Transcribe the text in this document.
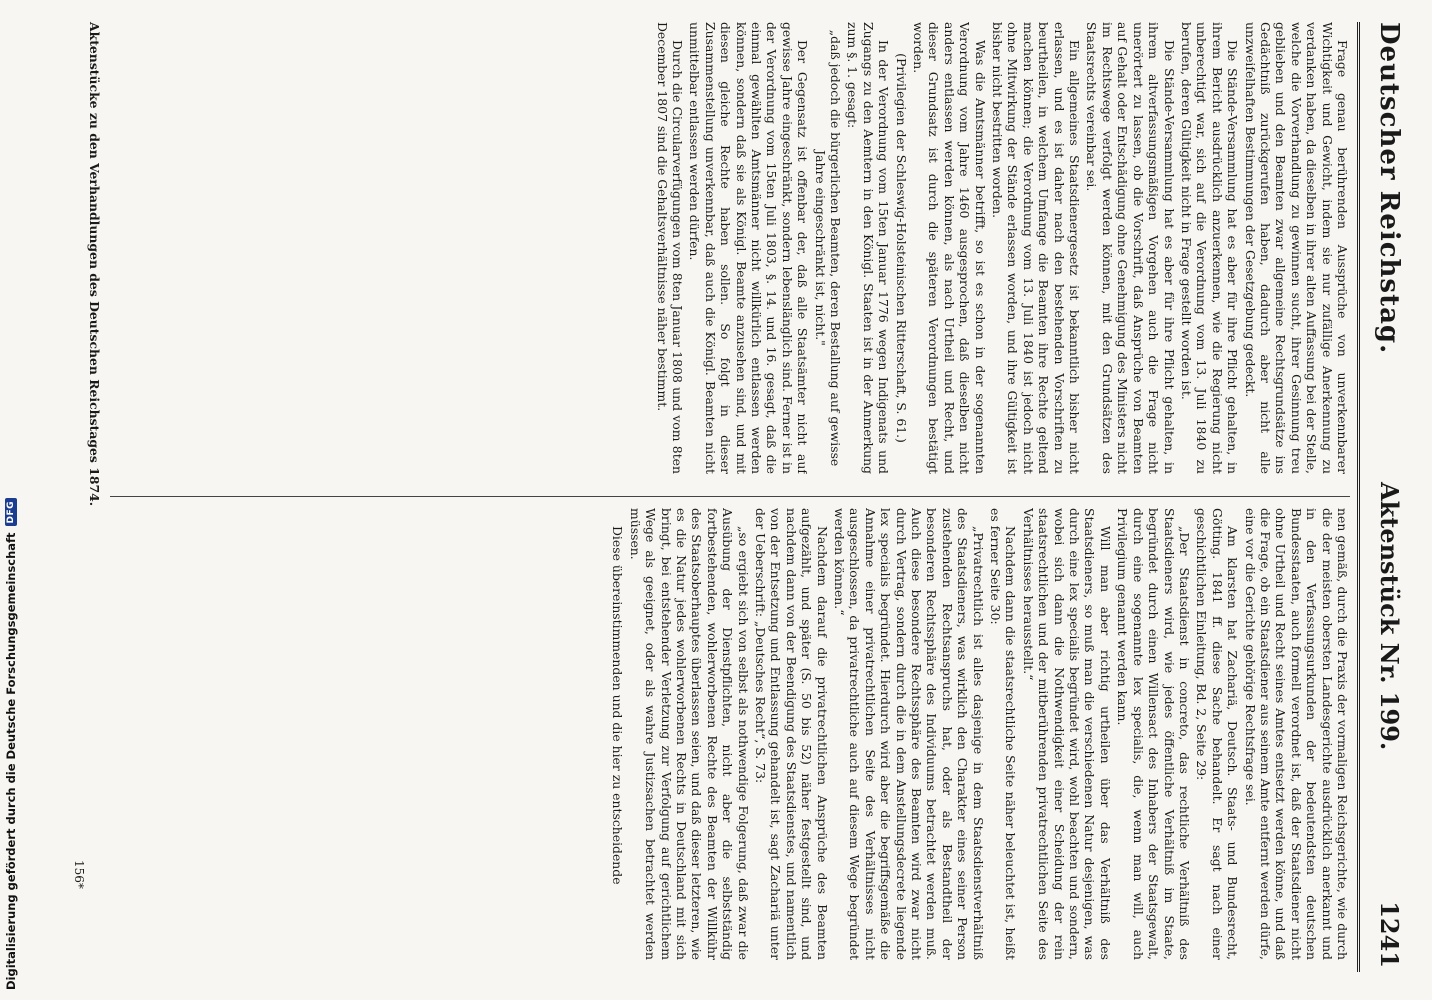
Deutscher Reichstag.
Aktenstück Nr. 199.
1241

Frage genau berührenden Aussprüche von unverkennbarer Wichtigkeit und Gewicht, indem sie nur zufällige Anerkennung zu verdanken haben, da dieselben in ihrer alten Auffassung bei der Stelle, welche die Vorverhandlung zu gewinnen sucht, ihrer Gesinnung treu geblieben und den Beamten zwar allgemeine Rechtsgrundsätze ins Gedächtniß zurückgerufen haben, dadurch aber nicht alle unzweifelhaften Bestimmungen der Gesetzgebung gedeckt.

Die Stände-Versammlung hat es aber für ihre Pflicht gehalten, in ihrem Bericht ausdrücklich anzuerkennen, wie die Regierung nicht unberechtigt war, sich auf die Verordnung vom 13. Juli 1840 zu berufen, deren Gültigkeit nicht in Frage gestellt worden ist.

Die Stände-Versammlung hat es aber für ihre Pflicht gehalten, in ihrem altverfassungsmäßigen Vorgehen auch die Frage nicht unerörtert zu lassen, ob die Vorschrift, daß Ansprüche von Beamten auf Gehalt oder Entschädigung ohne Genehmigung des Ministers nicht im Rechtswege verfolgt werden können, mit den Grundsätzen des Staatsrechts vereinbar sei.

Ein allgemeines Staatsdienergesetz ist bekanntlich bisher nicht erlassen, und es ist daher nach den bestehenden Vorschriften zu beurtheilen, in welchem Umfange die Beamten ihre Rechte geltend machen können; die Verordnung vom 13. Juli 1840 ist jedoch nicht ohne Mitwirkung der Stände erlassen worden, und ihre Gültigkeit ist bisher nicht bestritten worden.

Was die Amtsmänner betrifft, so ist es schon in der sogenannten Verordnung vom Jahre 1460 ausgesprochen, daß dieselben nicht anders entlassen werden können, als nach Urtheil und Recht, und dieser Grundsatz ist durch die späteren Verordnungen bestätigt worden.

(Privilegien der Schleswig-Holsteinischen Ritterschaft, S. 61.)

In der Verordnung vom 15ten Januar 1776 wegen Indigenats und Zugangs zu den Aemtern in den Königl. Staaten ist in der Anmerkung zum §. 1. gesagt:

„daß jedoch die bürgerlichen Beamten, deren Bestallung auf gewisse Jahre eingeschränkt ist, nicht."

Der Gegensatz ist offenbar der, daß alle Staatsämter nicht auf gewisse Jahre eingeschränkt, sondern lebenslänglich sind. Ferner ist in der Verordnung vom 15ten Juli 1803, §. 14. und 16. gesagt, daß die einmal gewählten Amtsmänner nicht willkürlich entlassen werden können, sondern daß sie als Königl. Beamte anzusehen sind, und mit diesen gleiche Rechte haben sollen. So folgt in dieser Zusammenstellung unverkennbar, daß auch die Königl. Beamten nicht unmittelbar entlassen werden dürfen.

Durch die Circularverfügungen vom 8ten Januar 1808 und vom 8ten December 1807 sind die Gehaltsverhältnisse näher bestimmt.

nen gemäß, durch die Praxis der vormaligen Reichsgerichte, wie durch die der meisten obersten Landesgerichte ausdrücklich anerkannt und in den Verfassungsurkunden der bedeutendsten deutschen Bundesstaaten, auch formell verordnet ist, daß der Staatsdiener nicht ohne Urtheil und Recht seines Amtes entsetzt werden könne, und daß die Frage, ob ein Staatsdiener aus seinem Amte entfernt werden dürfe, eine vor die Gerichte gehörige Rechtsfrage sei.

Am klarsten hat Zachariä, Deutsch. Staats- und Bundesrecht, Götting. 1841 ff. diese Sache behandelt. Er sagt nach einer geschichtlichen Einleitung, Bd. 2, Seite 29:

„Der Staatsdienst in concreto, das rechtliche Verhältniß des Staatsdieners wird, wie jedes öffentliche Verhältniß im Staate, begründet durch einen Willensact des Inhabers der Staatsgewalt, durch eine sogenannte lex specialis, die, wenn man will, auch Privilegium genannt werden kann.

Will man aber richtig urtheilen über das Verhältniß des Staatsdieners, so muß man die verschiedenen Natur desjenigen, was durch eine lex specialis begründet wird, wohl beachten und sondern, wobei sich dann die Nothwendigkeit einer Scheidung der rein staatsrechtlichen und der mitberührenden privatrechtlichen Seite des Verhältnisses herausstellt.“

Nachdem dann die staatsrechtliche Seite näher beleuchtet ist, heißt es ferner Seite 30:

„Privatrechtlich ist alles dasjenige in dem Staatsdienstverhältniß des Staatsdieners, was wirklich den Charakter eines seiner Person zustehenden Rechtsanspruchs hat, oder als Bestandtheil der besonderen Rechtssphäre des Individuums betrachtet werden muß. Auch diese besondere Rechtssphäre des Beamten wird zwar nicht durch Vertrag, sondern durch die in dem Anstellungsdecrete liegende lex specialis begründet. Hierdurch wird aber die begriffsgemäße die Annahme einer privatrechtlichen Seite des Verhältnisses nicht ausgeschlossen, da privatrechtliche auch auf diesem Wege begründet werden können.“

Nachdem darauf die privatrechtlichen Ansprüche des Beamten aufgezählt, und später (S. 50 bis 52) näher festgestellt sind, und nachdem dann von der Beendigung des Staatsdienstes, und namentlich von der Entsetzung und Entlassung gehandelt ist, sagt Zachariä unter der Ueberschrift: „Deutsches Recht“, S. 73:

„so ergiebt sich von selbst als nothwendige Folgerung, daß zwar die Ausübung der Dienstpflichten, nicht aber die selbstständig fortbestehenden, wohlerworbenen Rechte des Beamten der Willkühr des Staatsoberhauptes überlassen seien, und daß dieser letzteren, wie es die Natur jedes wohlerworbenen Rechts in Deutschland mit sich bringt, bei entstehender Verletzung zur Verfolgung auf gerichtlichem Wege als geeignet, oder als wahre Justizsachen betrachtet werden müssen.

Diese übereinstimmenden und die hier zu entscheidende

Aktenstücke zu den Verhandlungen des Deutschen Reichstages 1874.
156*
Digitalisierung gefördert durch die Deutsche Forschungsgemeinschaft
DFG
